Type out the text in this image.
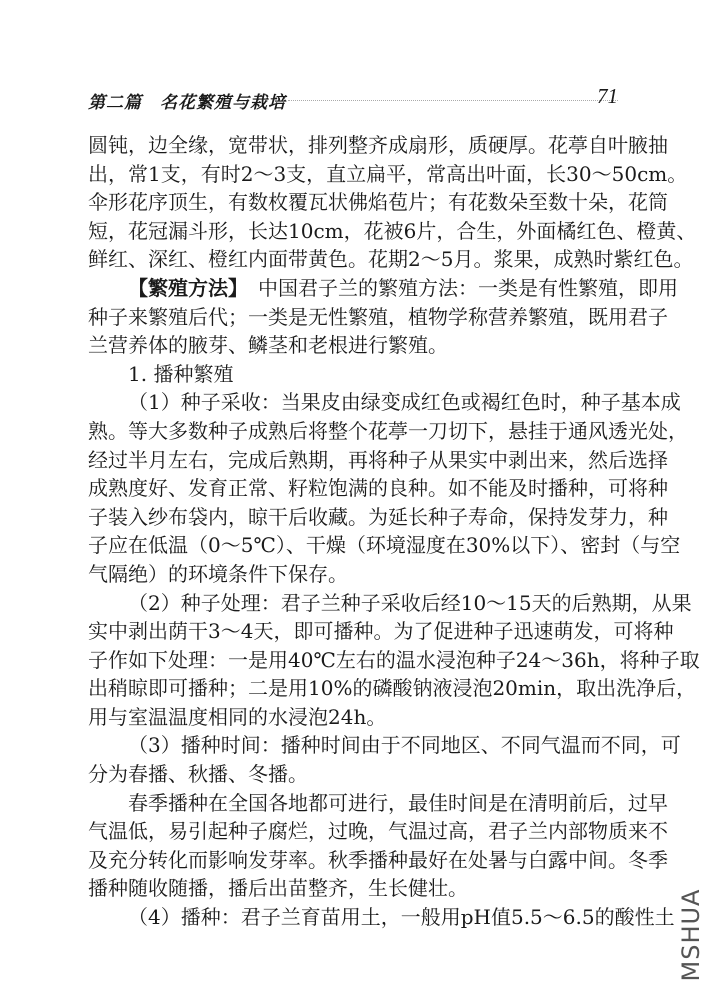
第二篇　名花繁殖与栽培	71
圆钝，边全缘，宽带状，排列整齐成扇形，质硬厚。花葶自叶腋抽
出，常1支，有时2～3支，直立扁平，常高出叶面，长30～50cm。
伞形花序顶生，有数枚覆瓦状佛焰苞片；有花数朵至数十朵，花筒
短，花冠漏斗形，长达10cm，花被6片，合生，外面橘红色、橙黄、
鲜红、深红、橙红内面带黄色。花期2～5月。浆果，成熟时紫红色。
【繁殖方法】　中国君子兰的繁殖方法：一类是有性繁殖，即用
种子来繁殖后代；一类是无性繁殖，植物学称营养繁殖，既用君子
兰营养体的腋芽、鳞茎和老根进行繁殖。
1. 播种繁殖
（1）种子采收：当果皮由绿变成红色或褐红色时，种子基本成
熟。等大多数种子成熟后将整个花葶一刀切下，悬挂于通风透光处，
经过半月左右，完成后熟期，再将种子从果实中剥出来，然后选择
成熟度好、发育正常、籽粒饱满的良种。如不能及时播种，可将种
子装入纱布袋内，晾干后收藏。为延长种子寿命，保持发芽力，种
子应在低温（0～5℃）、干燥（环境湿度在30%以下）、密封（与空
气隔绝）的环境条件下保存。
（2）种子处理：君子兰种子采收后经10～15天的后熟期，从果
实中剥出荫干3～4天，即可播种。为了促进种子迅速萌发，可将种
子作如下处理：一是用40℃左右的温水浸泡种子24～36h，将种子取
出稍晾即可播种；二是用10%的磷酸钠液浸泡20min，取出洗净后，
用与室温温度相同的水浸泡24h。
（3）播种时间：播种时间由于不同地区、不同气温而不同，可
分为春播、秋播、冬播。
春季播种在全国各地都可进行，最佳时间是在清明前后，过早
气温低，易引起种子腐烂，过晚，气温过高，君子兰内部物质来不
及充分转化而影响发芽率。秋季播种最好在处暑与白露中间。冬季
播种随收随播，播后出苗整齐，生长健壮。
（4）播种：君子兰育苗用土，一般用pH值5.5～6.5的酸性土 MSHUA
